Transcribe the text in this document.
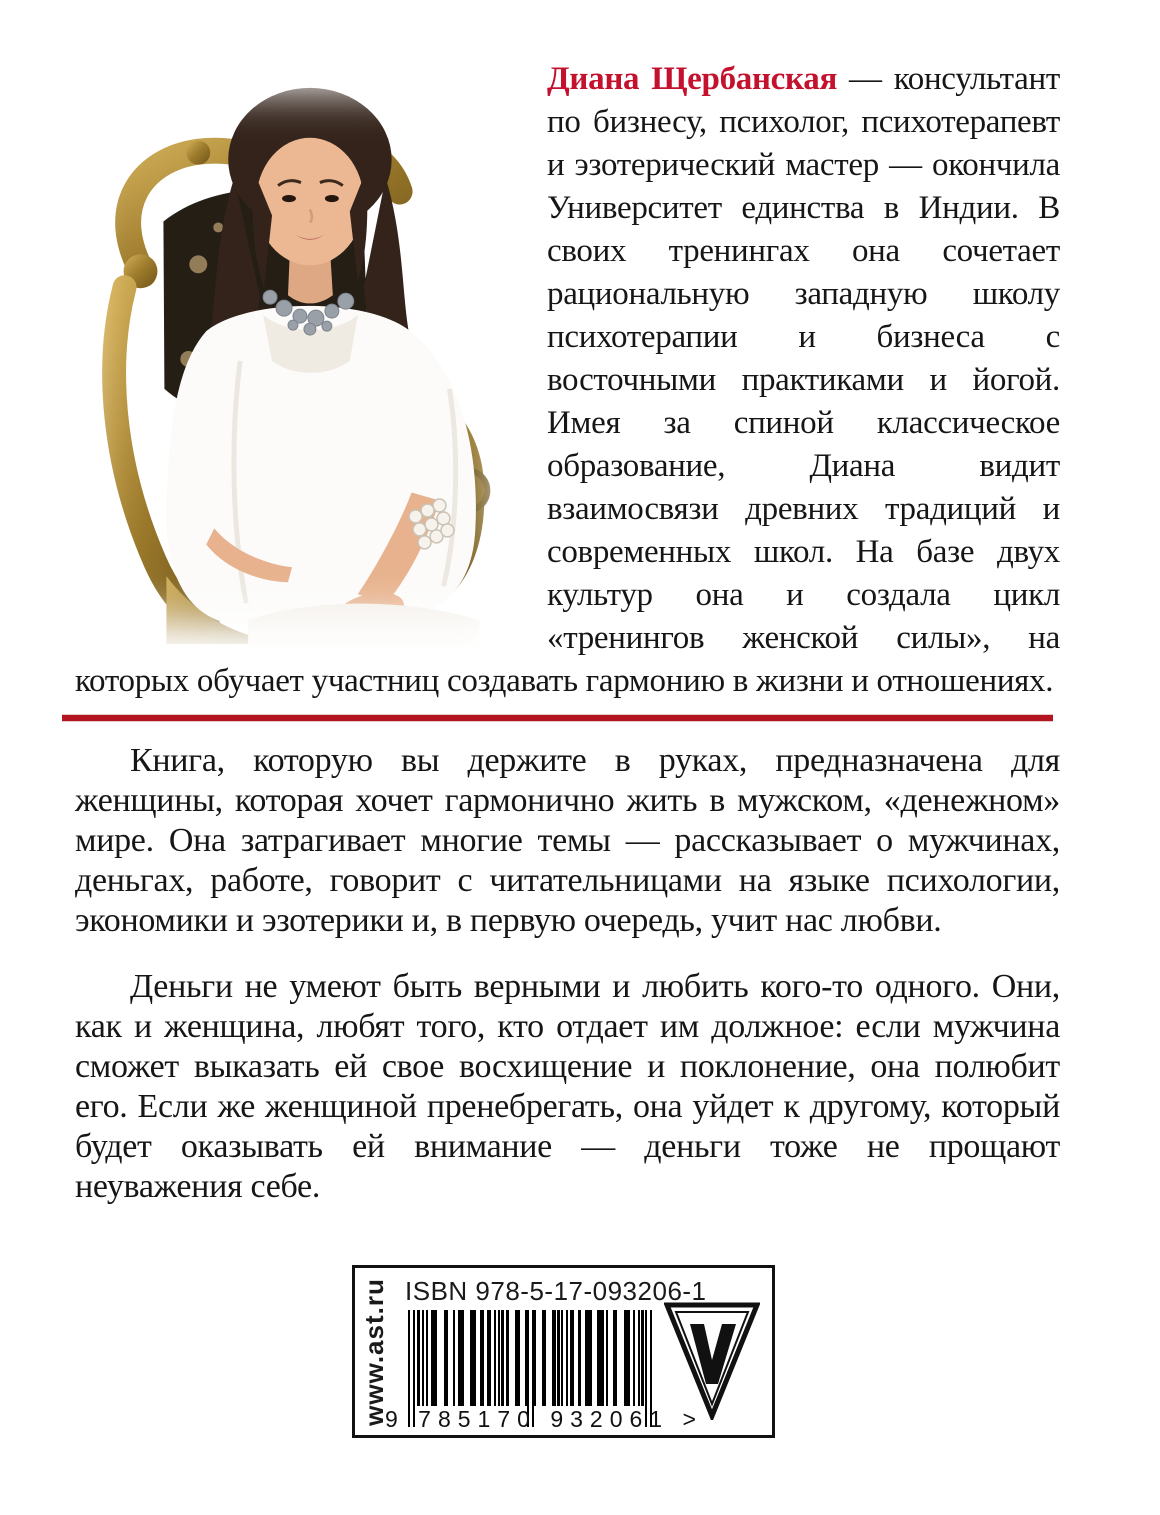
Диана Щербанская — консультант по бизнесу, психолог, психотерапевт и эзотерический мастер — окончила Университет единства в Индии. В своих тренингах она сочетает рациональную западную школу психотерапии и бизнеса с восточными практиками и йогой. Имея за спиной классическое образование, Диана видит взаимосвязи древних традиций и современных школ. На базе двух культур она и создала цикл «тренингов женской силы», на которых обучает участниц создавать гармонию в жизни и отношениях.

Книга, которую вы держите в руках, предназначена для женщины, которая хочет гармонично жить в мужском, «денежном» мире. Она затрагивает многие темы — рассказывает о мужчинах, деньгах, работе, говорит с читательницами на языке психологии, экономики и эзотерики и, в первую очередь, учит нас любви.

Деньги не умеют быть верными и любить кого-то одного. Они, как и женщина, любят того, кто отдает им должное: если мужчина сможет выказать ей свое восхищение и поклонение, она полюбит его. Если же женщиной пренебрегать, она уйдет к другому, который будет оказывать ей внимание — деньги тоже не прощают неуважения себе.

www.ast.ru ISBN 978-5-17-093206-1
9 785170 932061 >
